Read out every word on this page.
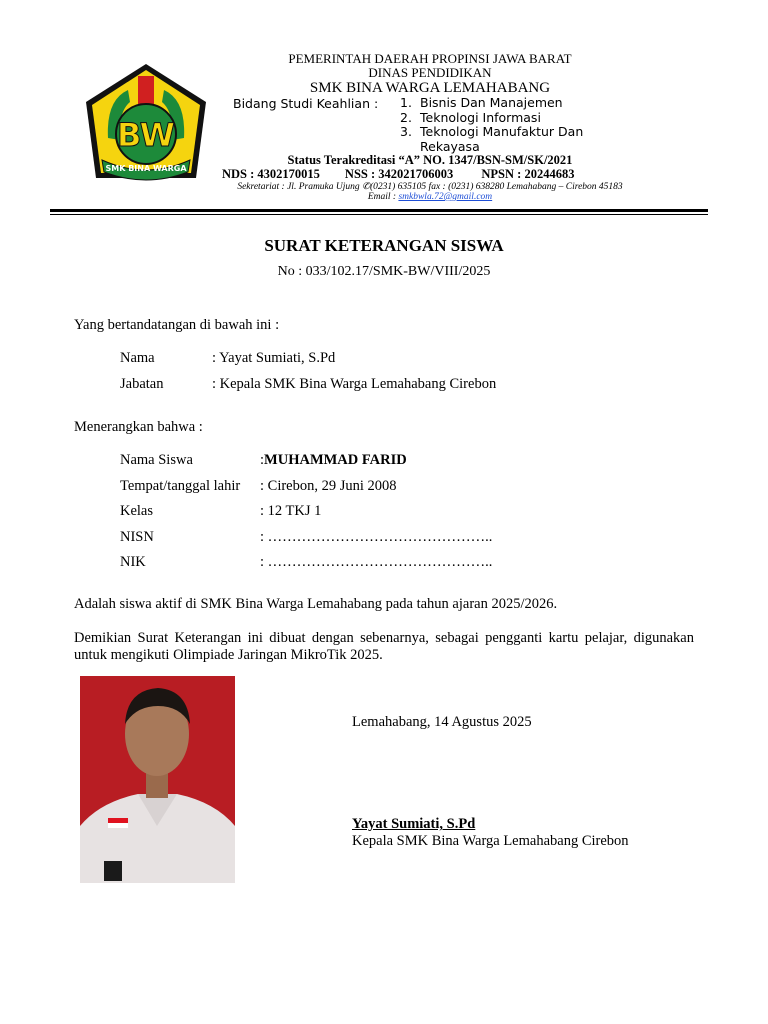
BW
SMK BINA WARGA
PEMERINTAH DAERAH PROPINSI JAWA BARAT
DINAS PENDIDIKAN
SMK BINA WARGA LEMAHABANG
Bidang Studi Keahlian : 1. Bisnis Dan Manajemen
2. Teknologi Informasi
3. Teknologi Manufaktur Dan
Rekayasa
Status Terakreditasi “A” NO. 1347/BSN-SM/SK/2021
NDS : 4302170015 NSS : 342021706003 NPSN : 20244683
Sekretariat : Jl. Pramuka Ujung ✆(0231) 635105 fax : (0231) 638280 Lemahabang – Cirebon 45183
Email : smkbwla.72@gmail.com
SURAT KETERANGAN SISWA
No : 033/102.17/SMK-BW/VIII/2025
Yang bertandatangan di bawah ini :
Nama	: Yayat Sumiati, S.Pd
Jabatan	: Kepala SMK Bina Warga Lemahabang Cirebon
Menerangkan bahwa :
Nama Siswa	: MUHAMMAD FARID
Tempat/tanggal lahir	: Cirebon, 29 Juni 2008
Kelas	: 12 TKJ 1
NISN	: ………………………………………..
NIK	: ………………………………………..
Adalah siswa aktif di SMK Bina Warga Lemahabang pada tahun ajaran 2025/2026.
Demikian Surat Keterangan ini dibuat dengan sebenarnya, sebagai pengganti kartu pelajar, digunakan untuk mengikuti Olimpiade Jaringan MikroTik 2025.
Lemahabang, 14 Agustus 2025
Yayat Sumiati, S.Pd
Kepala SMK Bina Warga Lemahabang Cirebon
